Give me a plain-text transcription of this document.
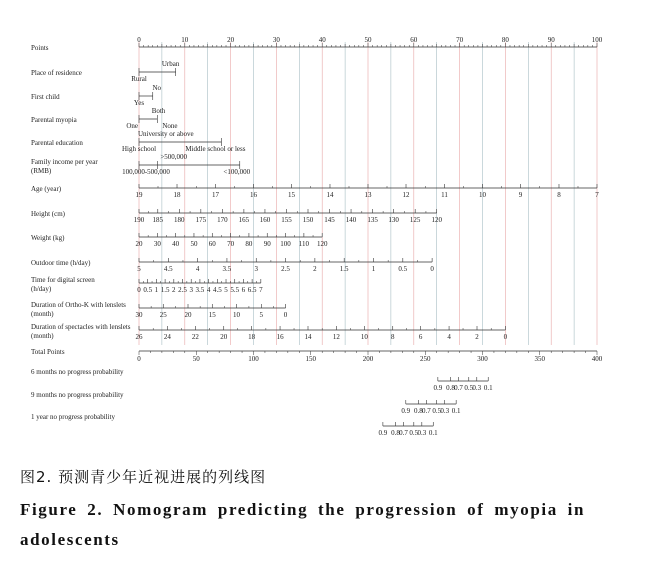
Points
0	10	20	30	40	50	60	70	80	90	100
Rural
Urban
Place of residence
Yes
No
First child
One
Both
None
Parental myopia
University or above
High school	Middle school or less
Parental education
>500,000
100,000-500,000	<100,000
Family income per year (RMB)
19	18	17	16	15	14	13	12	11	10	9	8	7
Age (year)
190 185 180 175 170 165 160 155 150 145 140 135 130 125 120
Height (cm)
20 30 40 50 60 70 80 90 100 110 120
Weight (kg)
5	4.5	4	3.5	3	2.5	2	1.5	1	0.5	0
Outdoor time (h/day)
0 0.5 1 1.5 2 2.5 3 3.5 4 4.5 5 5.5 6 6.5 7
Time for digital screen (h/day)
30 25	20 15 10	5	0
Duration of Ortho-K with lenslets (month)
26	24	22	20	18	16	14	12	10	8	6	4	2	0
Duration of spectacles with lenslets (month)
Total Points
0	50	100	150	200	250	300	350	400
6 months no progress probability
0.9 0.8 0.7 0.5 0.3 0.1
9 months no progress probability
0.9 0.8 0.7 0.5 0.3 0.1
1 year no progress probability
0.9 0.8 0.7 0.5 0.3 0.1
图2. 预测青少年近视进展的列线图
Figure 2. Nomogram predicting the progression of myopia in adolescents
